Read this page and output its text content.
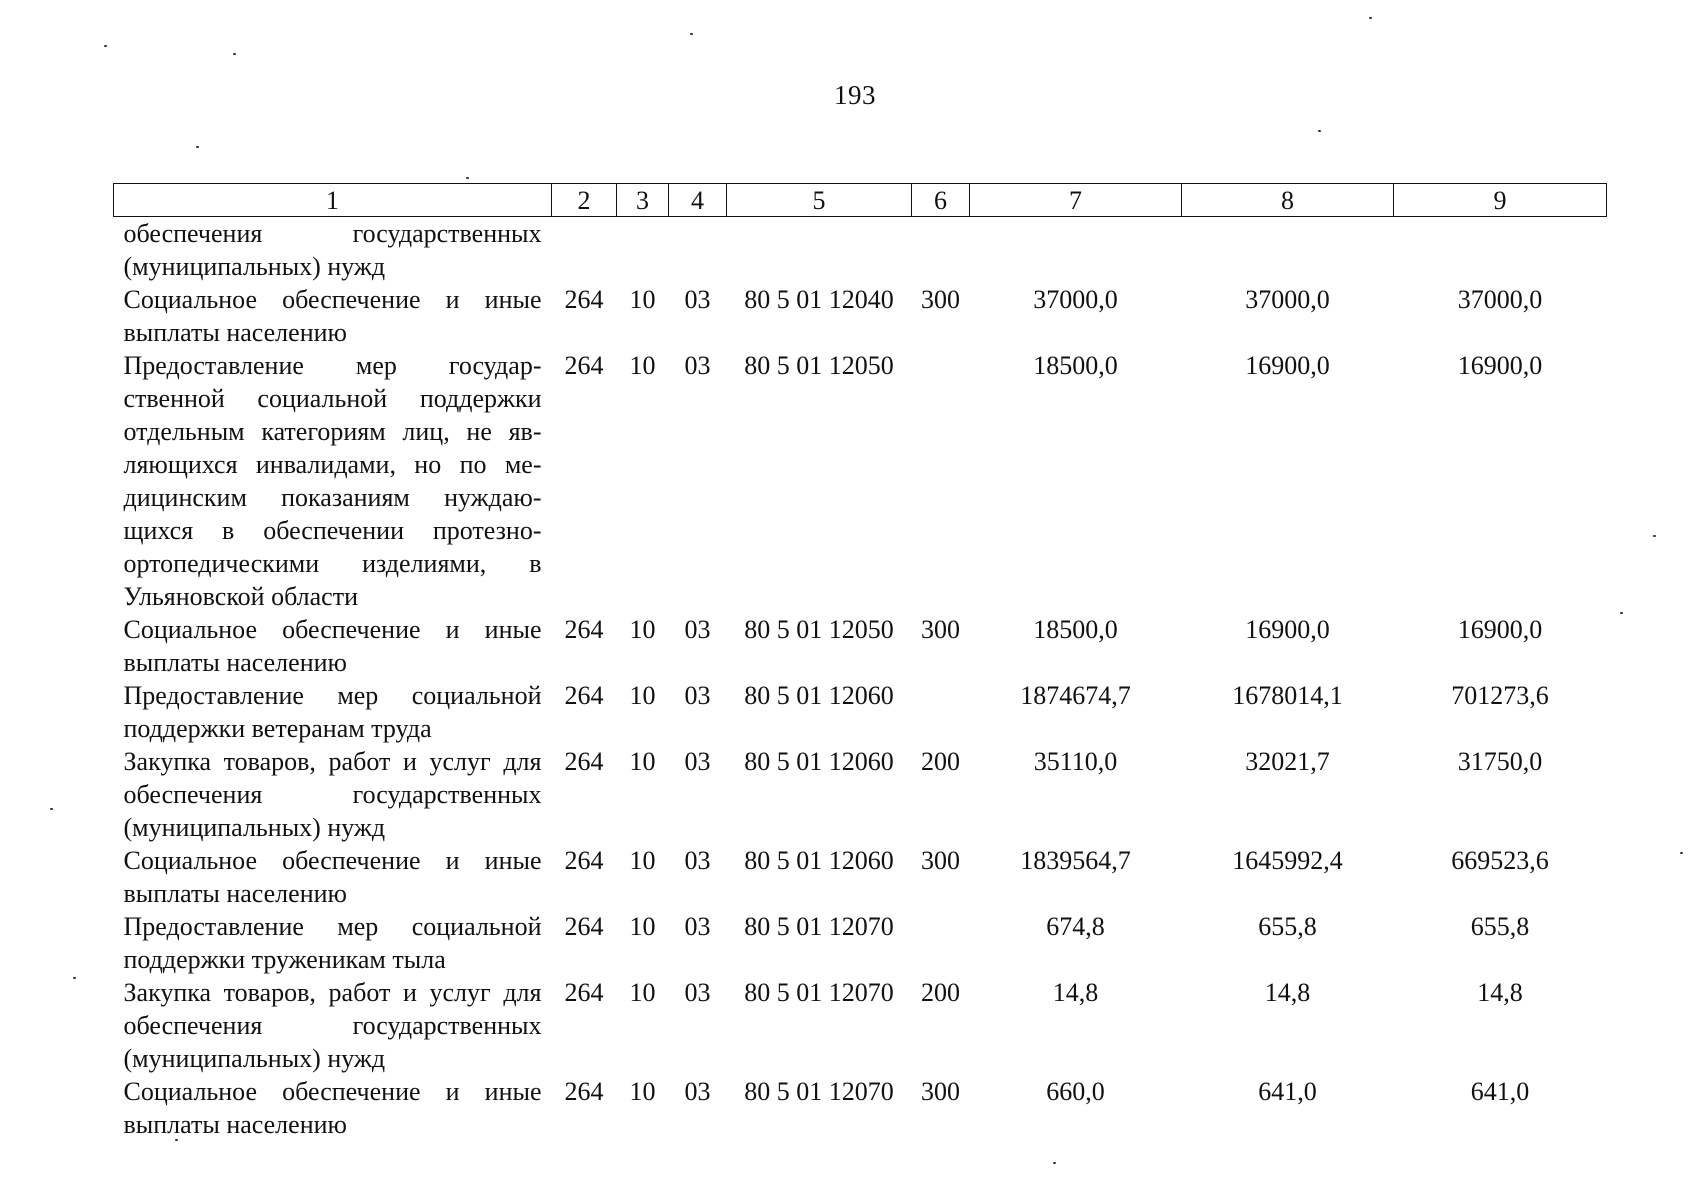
193
1	2	3	4	5	6	7	8	9
обеспечения государственных (муниципальных) нужд								
Социальное обеспечение и иные выплаты населению	264	10	03	80 5 01 12040	300	37000,0	37000,0	37000,0
Предоставление мер государственной социальной поддержки отдельным категориям лиц, не являющихся инвалидами, но по медицинским показаниям нуждающихся в обеспечении протезно-ортопедическими изделиями, в Ульяновской области	264	10	03	80 5 01 12050		18500,0	16900,0	16900,0
Социальное обеспечение и иные выплаты населению	264	10	03	80 5 01 12050	300	18500,0	16900,0	16900,0
Предоставление мер социальной поддержки ветеранам труда	264	10	03	80 5 01 12060		1874674,7	1678014,1	701273,6
Закупка товаров, работ и услуг для обеспечения государственных (муниципальных) нужд	264	10	03	80 5 01 12060	200	35110,0	32021,7	31750,0
Социальное обеспечение и иные выплаты населению	264	10	03	80 5 01 12060	300	1839564,7	1645992,4	669523,6
Предоставление мер социальной поддержки труженикам тыла	264	10	03	80 5 01 12070		674,8	655,8	655,8
Закупка товаров, работ и услуг для обеспечения государственных (муниципальных) нужд	264	10	03	80 5 01 12070	200	14,8	14,8	14,8
Социальное обеспечение и иные выплаты населению	264	10	03	80 5 01 12070	300	660,0	641,0	641,0
